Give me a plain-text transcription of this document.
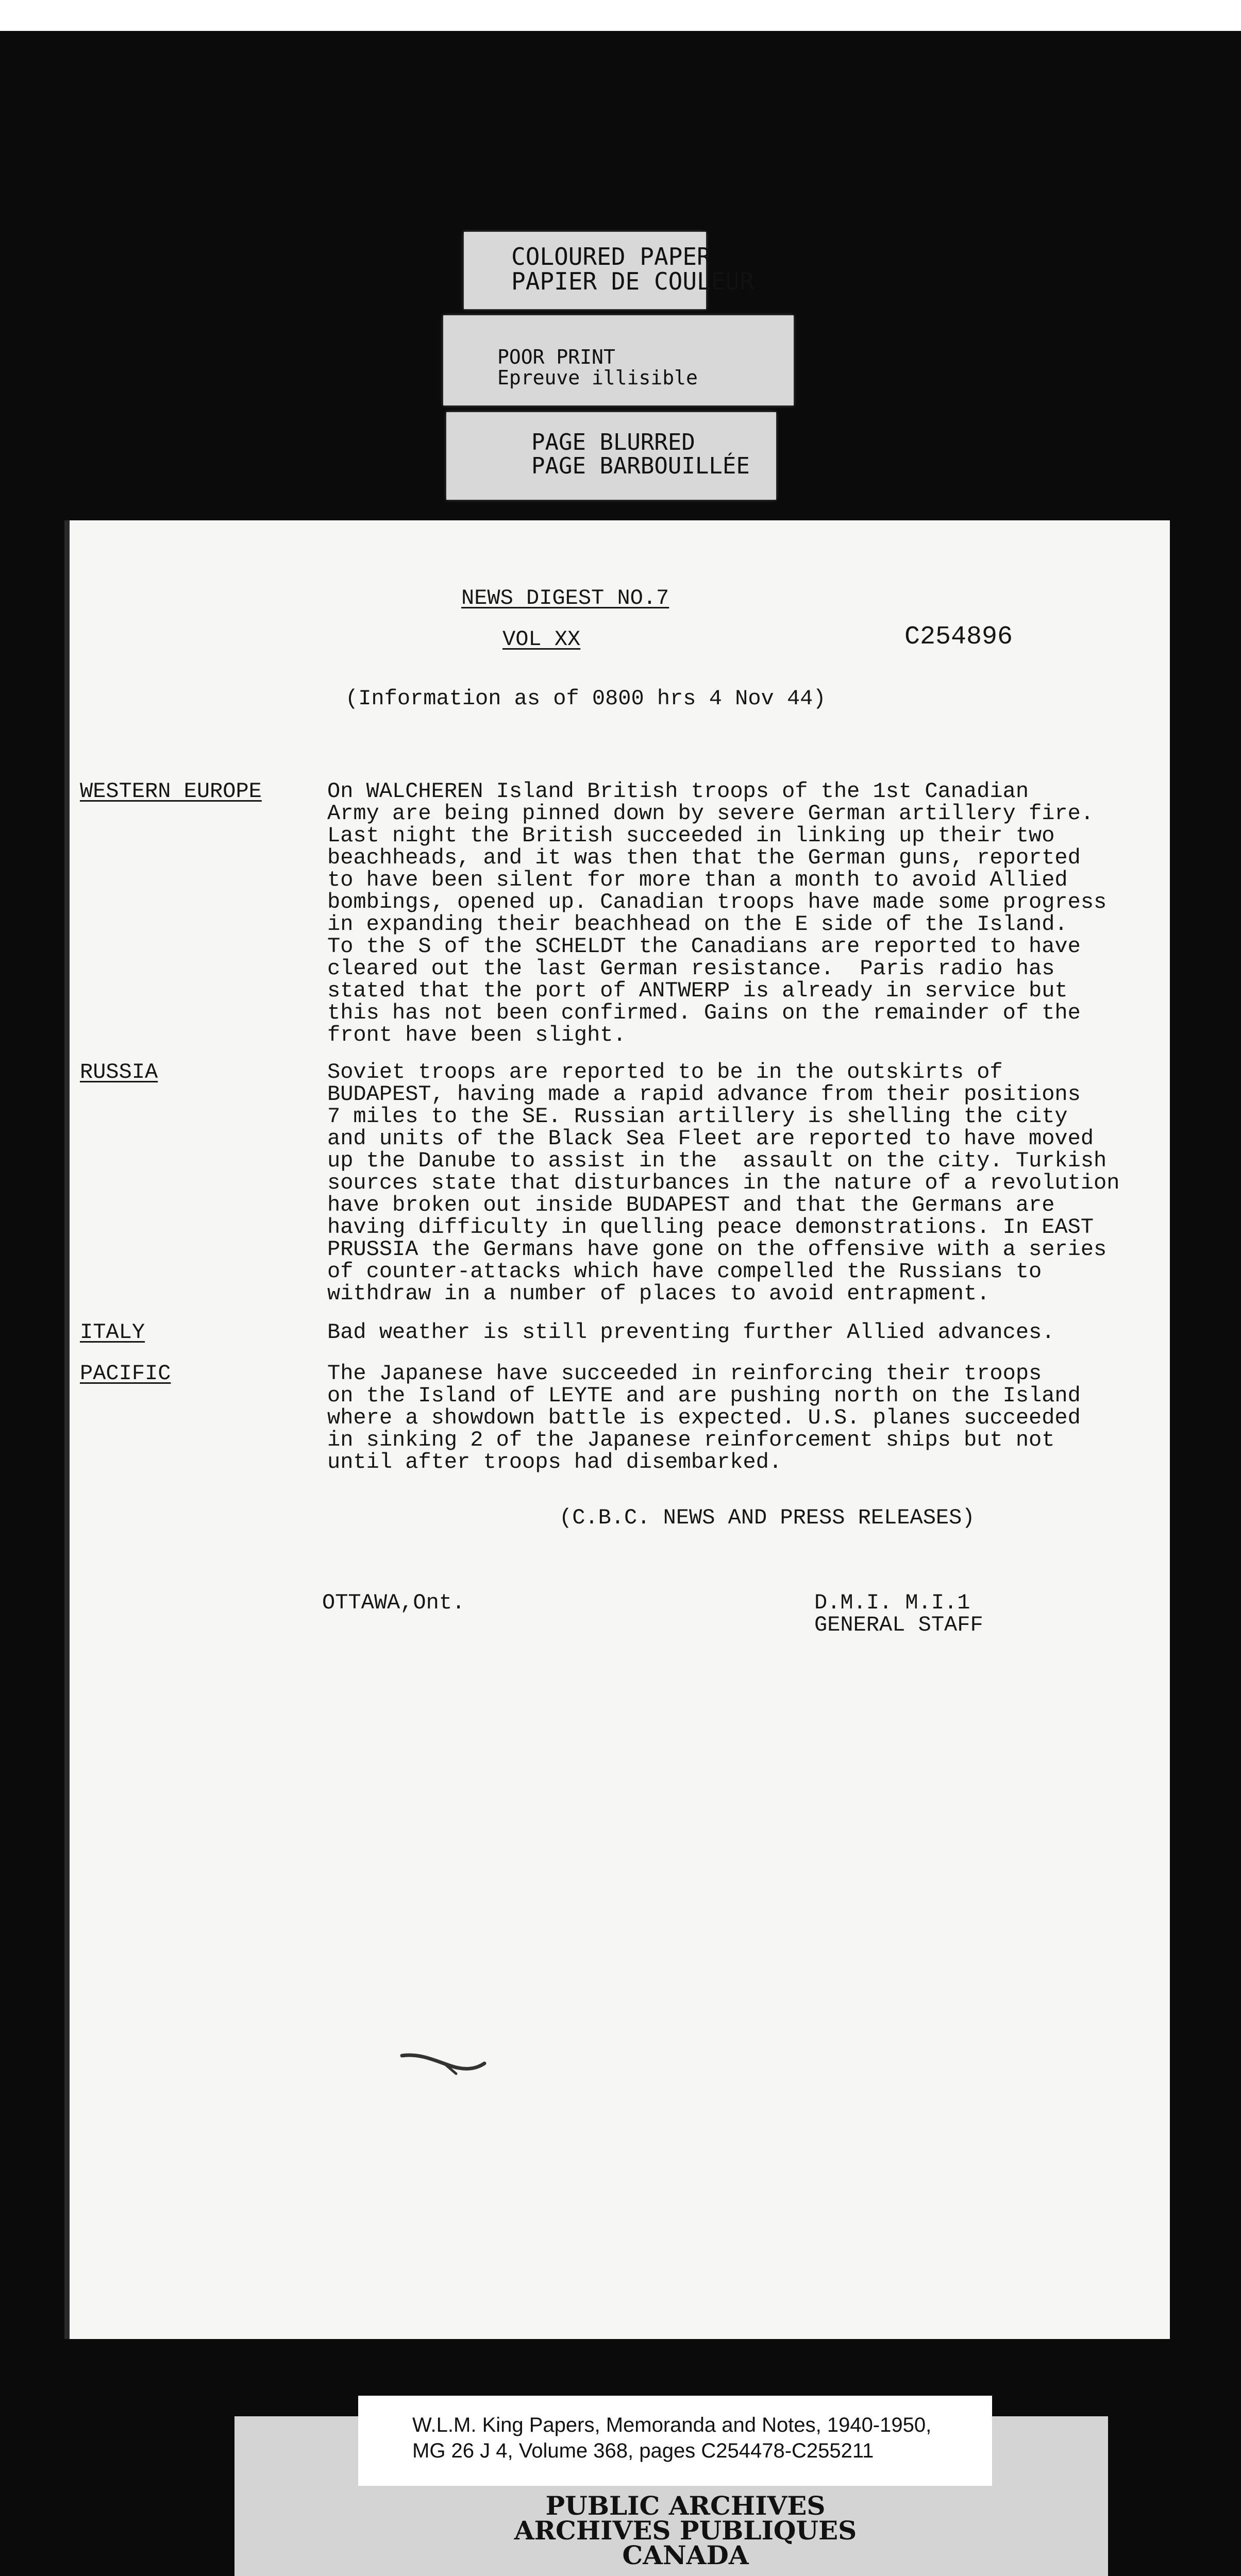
COLOURED PAPER
PAPIER DE COULEUR
POOR PRINT
Epreuve illisible
PAGE BLURRED
PAGE BARBOUILLÉE
NEWS DIGEST NO.7
VOL XX	C254896
(Information as of 0800 hrs 4 Nov 44)
WESTERN EUROPE	On WALCHEREN Island British troops of the 1st Canadian
Army are being pinned down by severe German artillery fire.
Last night the British succeeded in linking up their two
beachheads, and it was then that the German guns, reported
to have been silent for more than a month to avoid Allied
bombings, opened up. Canadian troops have made some progress
in expanding their beachhead on the E side of the Island.
To the S of the SCHELDT the Canadians are reported to have
cleared out the last German resistance.  Paris radio has
stated that the port of ANTWERP is already in service but
this has not been confirmed. Gains on the remainder of the
front have been slight.
RUSSIA	Soviet troops are reported to be in the outskirts of
BUDAPEST, having made a rapid advance from their positions
7 miles to the SE. Russian artillery is shelling the city
and units of the Black Sea Fleet are reported to have moved
up the Danube to assist in the  assault on the city. Turkish
sources state that disturbances in the nature of a revolution
have broken out inside BUDAPEST and that the Germans are
having difficulty in quelling peace demonstrations. In EAST
PRUSSIA the Germans have gone on the offensive with a series
of counter-attacks which have compelled the Russians to
withdraw in a number of places to avoid entrapment.
ITALY	Bad weather is still preventing further Allied advances.
PACIFIC	The Japanese have succeeded in reinforcing their troops
on the Island of LEYTE and are pushing north on the Island
where a showdown battle is expected. U.S. planes succeeded
in sinking 2 of the Japanese reinforcement ships but not
until after troops had disembarked.
(C.B.C. NEWS AND PRESS RELEASES)
OTTAWA,Ont.	D.M.I. M.I.1
GENERAL STAFF
W.L.M. King Papers, Memoranda and Notes, 1940-1950,
MG 26 J 4, Volume 368, pages C254478-C255211
PUBLIC ARCHIVES
ARCHIVES PUBLIQUES
CANADA
